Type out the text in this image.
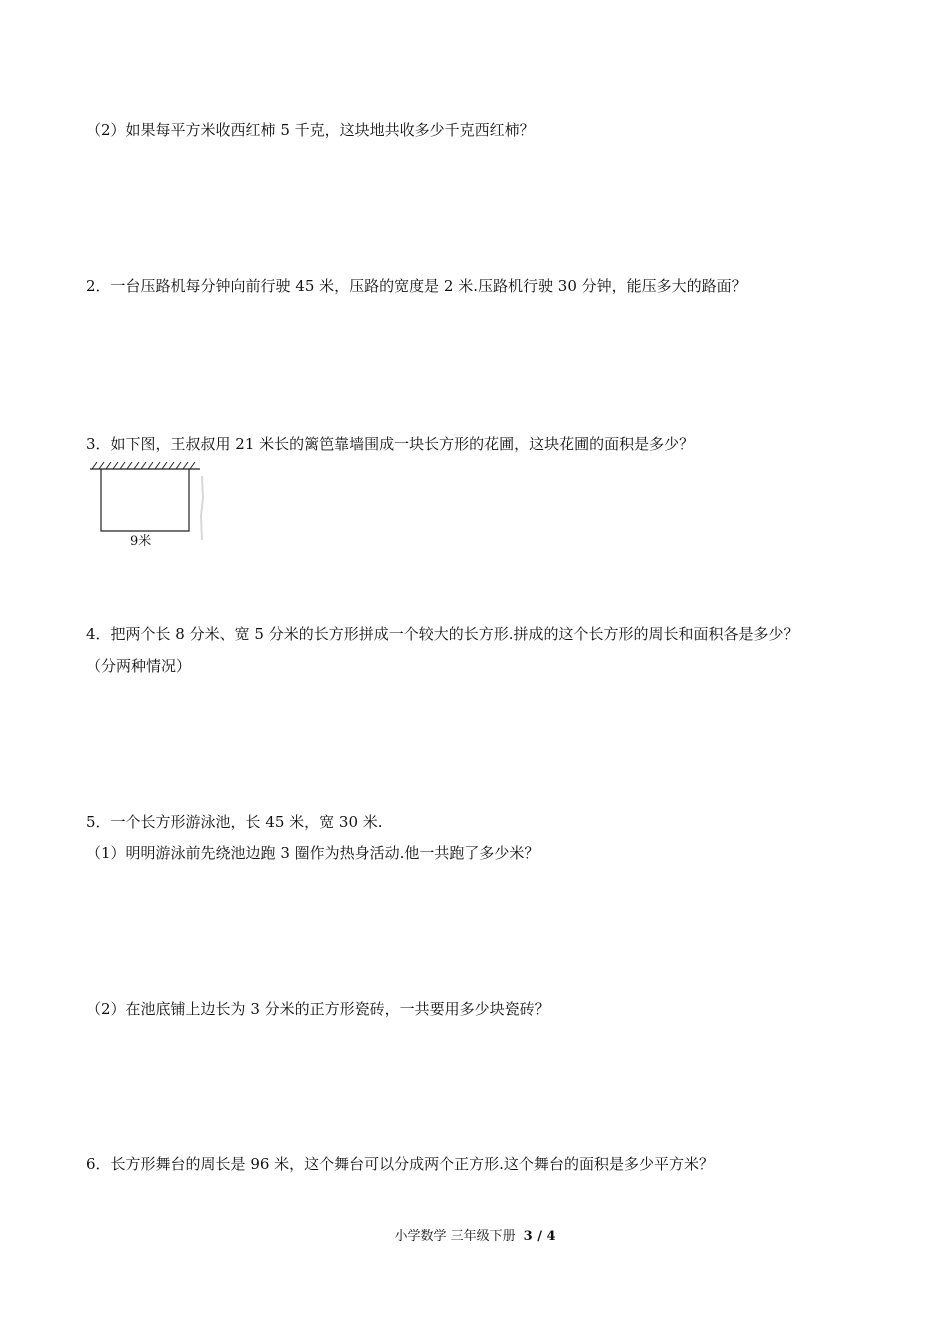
（2）如果每平方米收西红柿 5 千克，这块地共收多少千克西红柿？
2．一台压路机每分钟向前行驶 45 米，压路的宽度是 2 米.压路机行驶 30 分钟，能压多大的路面？
3．如下图，王叔叔用 21 米长的篱笆靠墙围成一块长方形的花圃，这块花圃的面积是多少？
9米
4．把两个长 8 分米、宽 5 分米的长方形拼成一个较大的长方形.拼成的这个长方形的周长和面积各是多少？
（分两种情况）
5．一个长方形游泳池，长 45 米，宽 30 米.
（1）明明游泳前先绕池边跑 3 圈作为热身活动.他一共跑了多少米？
（2）在池底铺上边长为 3 分米的正方形瓷砖，一共要用多少块瓷砖？
6．长方形舞台的周长是 96 米，这个舞台可以分成两个正方形.这个舞台的面积是多少平方米？
小学数学 三年级下册 3 / 4
